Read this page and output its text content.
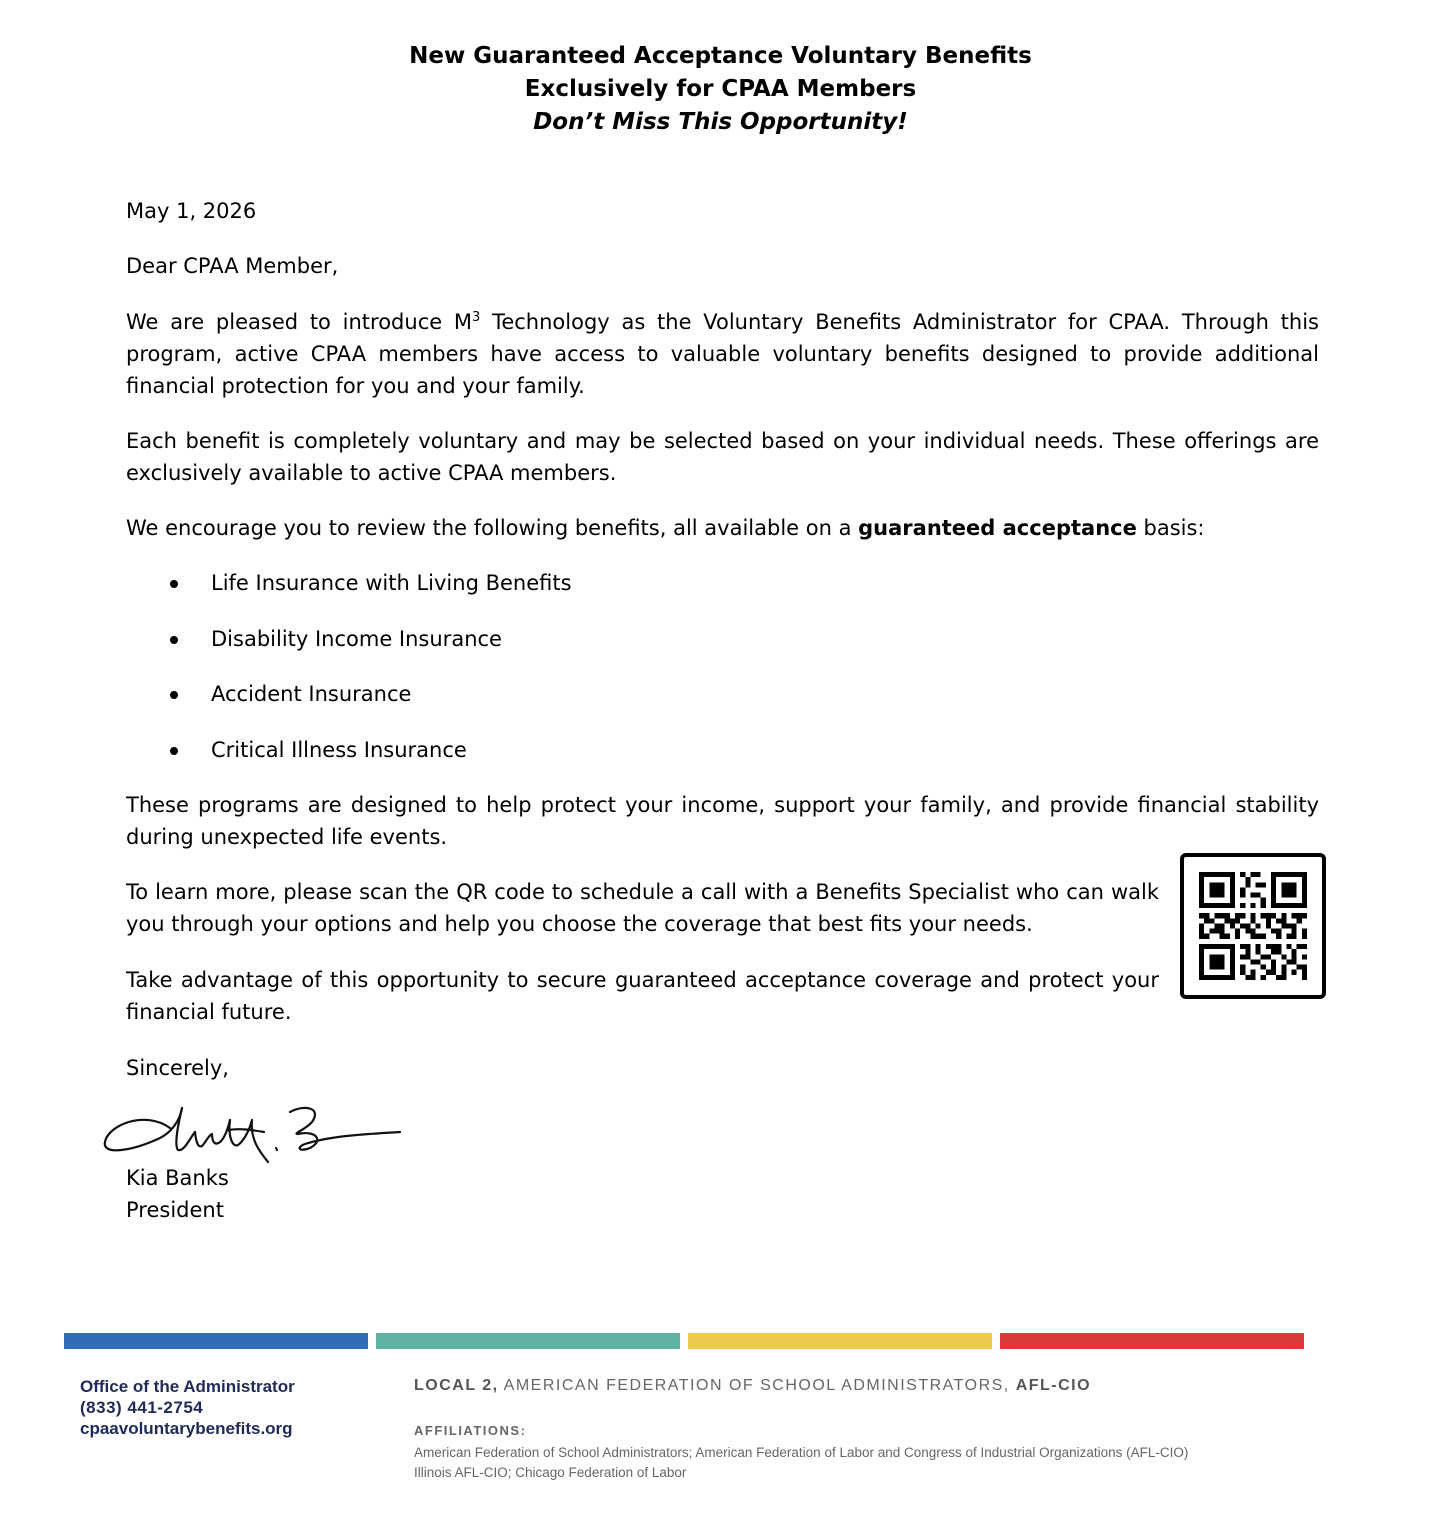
New Guaranteed Acceptance Voluntary Benefits
Exclusively for CPAA Members
Don’t Miss This Opportunity!
May 1, 2026
Dear CPAA Member,
We are pleased to introduce $M^3$ Technology as the Voluntary Benefits Administrator for CPAA. Through this program, active CPAA members have access to valuable voluntary benefits designed to provide additional financial protection for you and your family.
Each benefit is completely voluntary and may be selected based on your individual needs. These offerings are exclusively available to active CPAA members.
We encourage you to review the following benefits, all available on a guaranteed acceptance basis:
Life Insurance with Living Benefits
Disability Income Insurance
Accident Insurance
Critical Illness Insurance
These programs are designed to help protect your income, support your family, and provide financial stability during unexpected life events.
To learn more, please scan the QR code to schedule a call with a Benefits Specialist who can walk you through your options and help you choose the coverage that best fits your needs.
Take advantage of this opportunity to secure guaranteed acceptance coverage and protect your financial future.
Sincerely,
Kia Banks
President
Office of the Administrator
(833) 441-2754
cpaavoluntarybenefits.org
LOCAL 2, AMERICAN FEDERATION OF SCHOOL ADMINISTRATORS, AFL-CIO
AFFILIATIONS:
American Federation of School Administrators; American Federation of Labor and Congress of Industrial Organizations (AFL-CIO)
Illinois AFL-CIO; Chicago Federation of Labor
